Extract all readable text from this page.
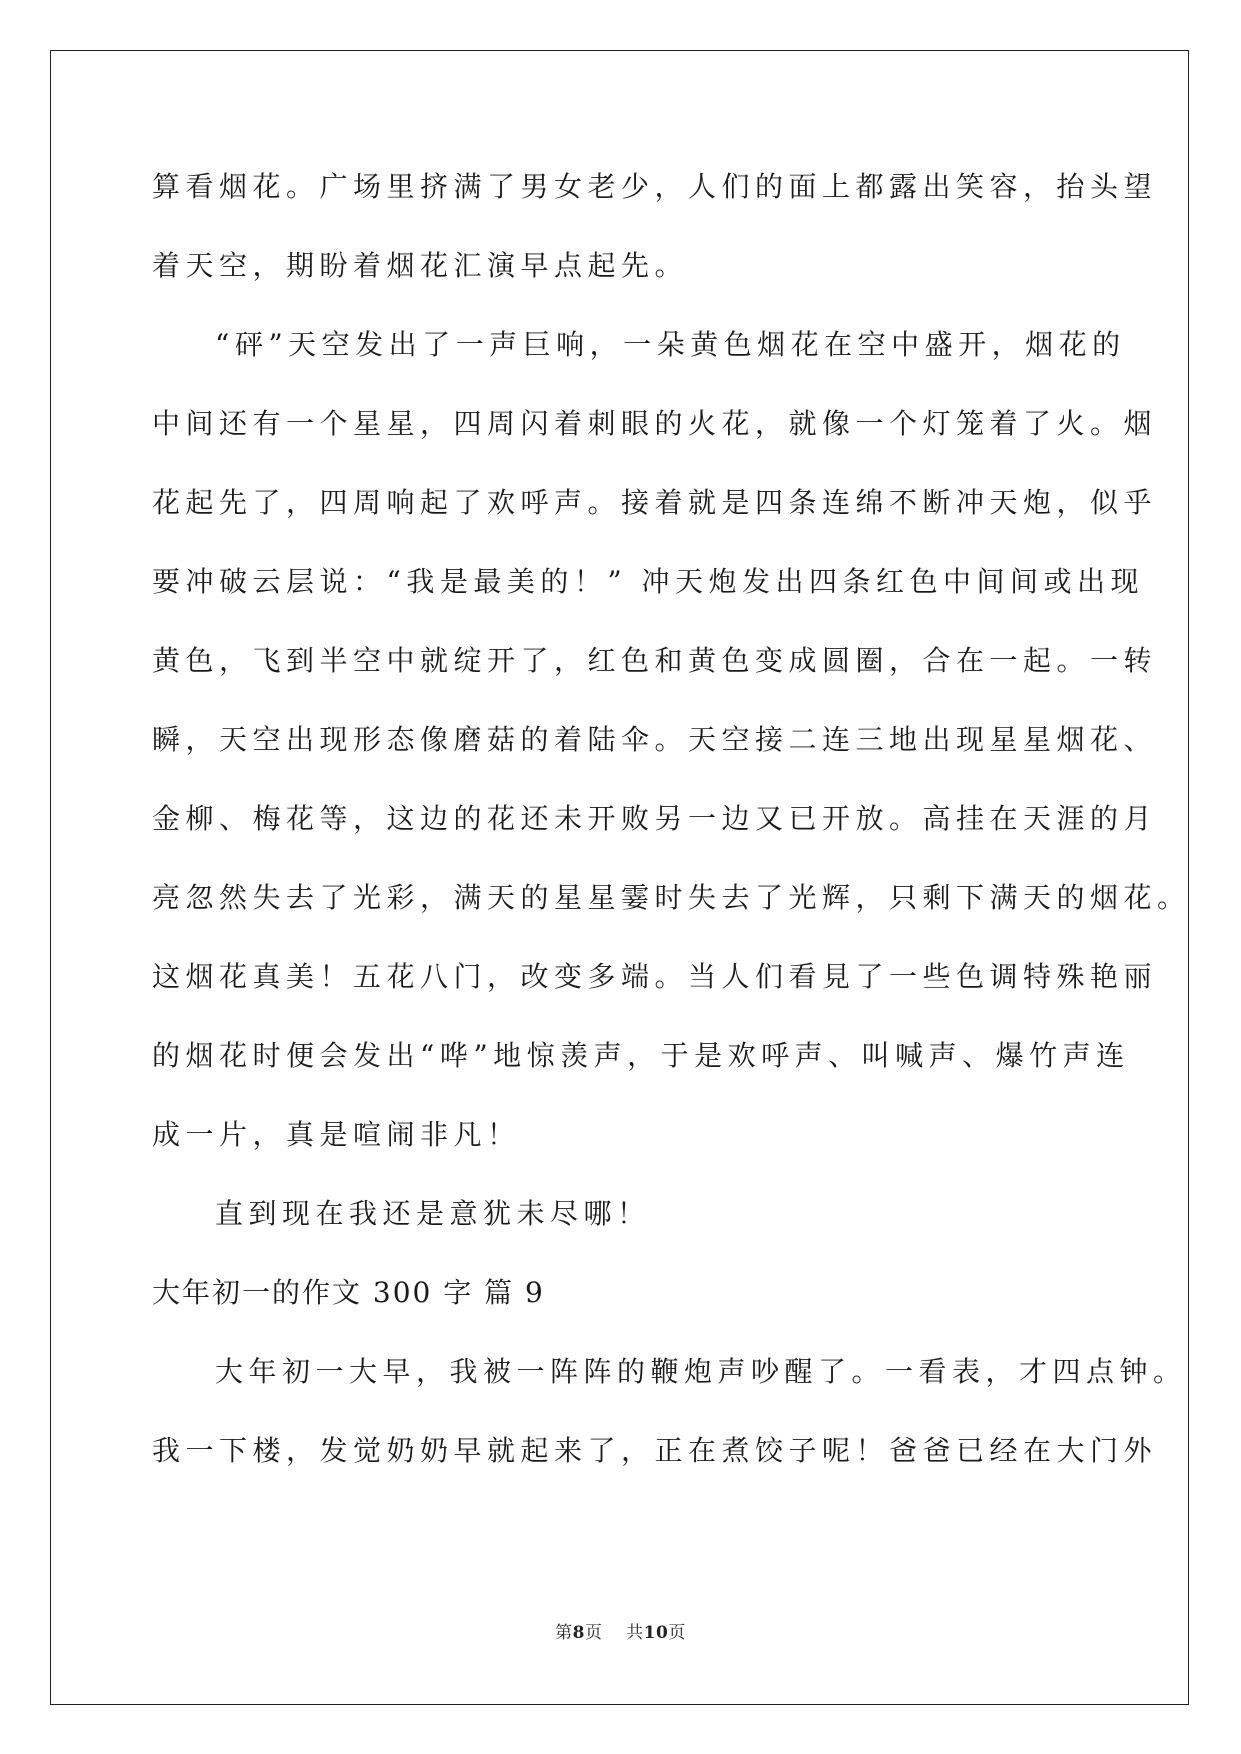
算看烟花。广场里挤满了男女老少，人们的面上都露出笑容，抬头望
着天空，期盼着烟花汇演早点起先。
“砰”天空发出了一声巨响，一朵黄色烟花在空中盛开，烟花的
中间还有一个星星，四周闪着刺眼的火花，就像一个灯笼着了火。烟
花起先了，四周响起了欢呼声。接着就是四条连绵不断冲天炮，似乎
要冲破云层说：“我是最美的！” 冲天炮发出四条红色中间间或出现
黄色，飞到半空中就绽开了，红色和黄色变成圆圈，合在一起。一转
瞬，天空出现形态像磨菇的着陆伞。天空接二连三地出现星星烟花、
金柳、梅花等，这边的花还未开败另一边又已开放。高挂在天涯的月
亮忽然失去了光彩，满天的星星霎时失去了光辉，只剩下满天的烟花。
这烟花真美！五花八门，改变多端。当人们看見了一些色调特殊艳丽
的烟花时便会发出“哗”地惊羡声，于是欢呼声、叫喊声、爆竹声连
成一片，真是喧闹非凡！
直到现在我还是意犹未尽哪！
大年初一的作文 300 字 篇 9
大年初一大早，我被一阵阵的鞭炮声吵醒了。一看表，才四点钟。
我一下楼，发觉奶奶早就起来了，正在煮饺子呢！爸爸已经在大门外
第8页 共10页
